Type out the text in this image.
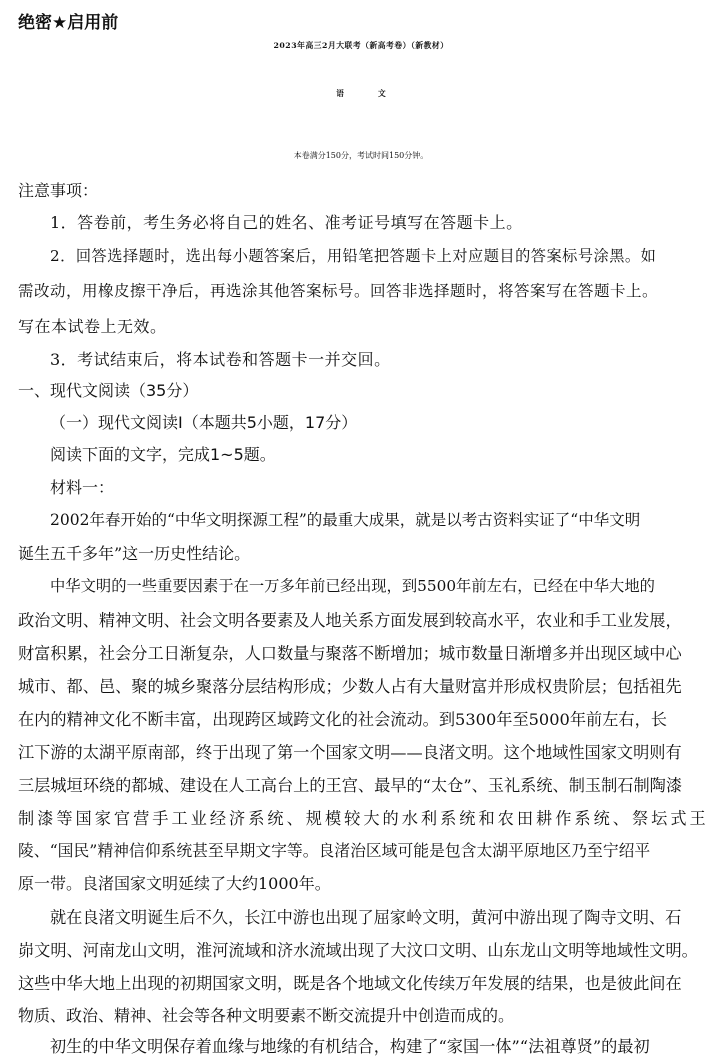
绝密★启用前
2023年高三2月大联考（新高考卷）（新教材）
语文
本卷满分150分，考试时间150分钟。
注意事项：
1．答卷前，考生务必将自己的姓名、准考证号填写在答题卡上。
2．回答选择题时，选出每小题答案后，用铅笔把答题卡上对应题目的答案标号涂黑。如
需改动，用橡皮擦干净后，再选涂其他答案标号。回答非选择题时，将答案写在答题卡上。
写在本试卷上无效。
3．考试结束后，将本试卷和答题卡一并交回。
一、现代文阅读（35分）
（一）现代文阅读Ⅰ（本题共5小题，17分）
阅读下面的文字，完成1~5题。
材料一：
2002年春开始的“中华文明探源工程”的最重大成果，就是以考古资料实证了“中华文明
诞生五千多年”这一历史性结论。
中华文明的一些重要因素于在一万多年前已经出现，到5500年前左右，已经在中华大地的
政治文明、精神文明、社会文明各要素及人地关系方面发展到较高水平，农业和手工业发展，
财富积累，社会分工日渐复杂，人口数量与聚落不断增加；城市数量日渐增多并出现区域中心
城市、都、邑、聚的城乡聚落分层结构形成；少数人占有大量财富并形成权贵阶层；包括祖先
在内的精神文化不断丰富，出现跨区域跨文化的社会流动。到5300年至5000年前左右，长
江下游的太湖平原南部，终于出现了第一个国家文明——良渚文明。这个地域性国家文明则有
三层城垣环绕的都城、建设在人工高台上的王宫、最早的“太仓”、玉礼系统、制玉制石制陶漆
制漆等国家官营手工业经济系统、规模较大的水利系统和农田耕作系统、祭坛式王
陵、“国民”精神信仰系统甚至早期文字等。良渚治区域可能是包含太湖平原地区乃至宁绍平
原一带。良渚国家文明延续了大约1000年。
就在良渚文明诞生后不久，长江中游也出现了屈家岭文明，黄河中游出现了陶寺文明、石
峁文明、河南龙山文明，淮河流域和济水流域出现了大汶口文明、山东龙山文明等地域性文明。
这些中华大地上出现的初期国家文明，既是各个地域文化传续万年发展的结果，也是彼此间在
物质、政治、精神、社会等各种文明要素不断交流提升中创造而成的。
初生的中华文明保存着血缘与地缘的有机结合，构建了“家国一体”“法祖尊贤”的最初
